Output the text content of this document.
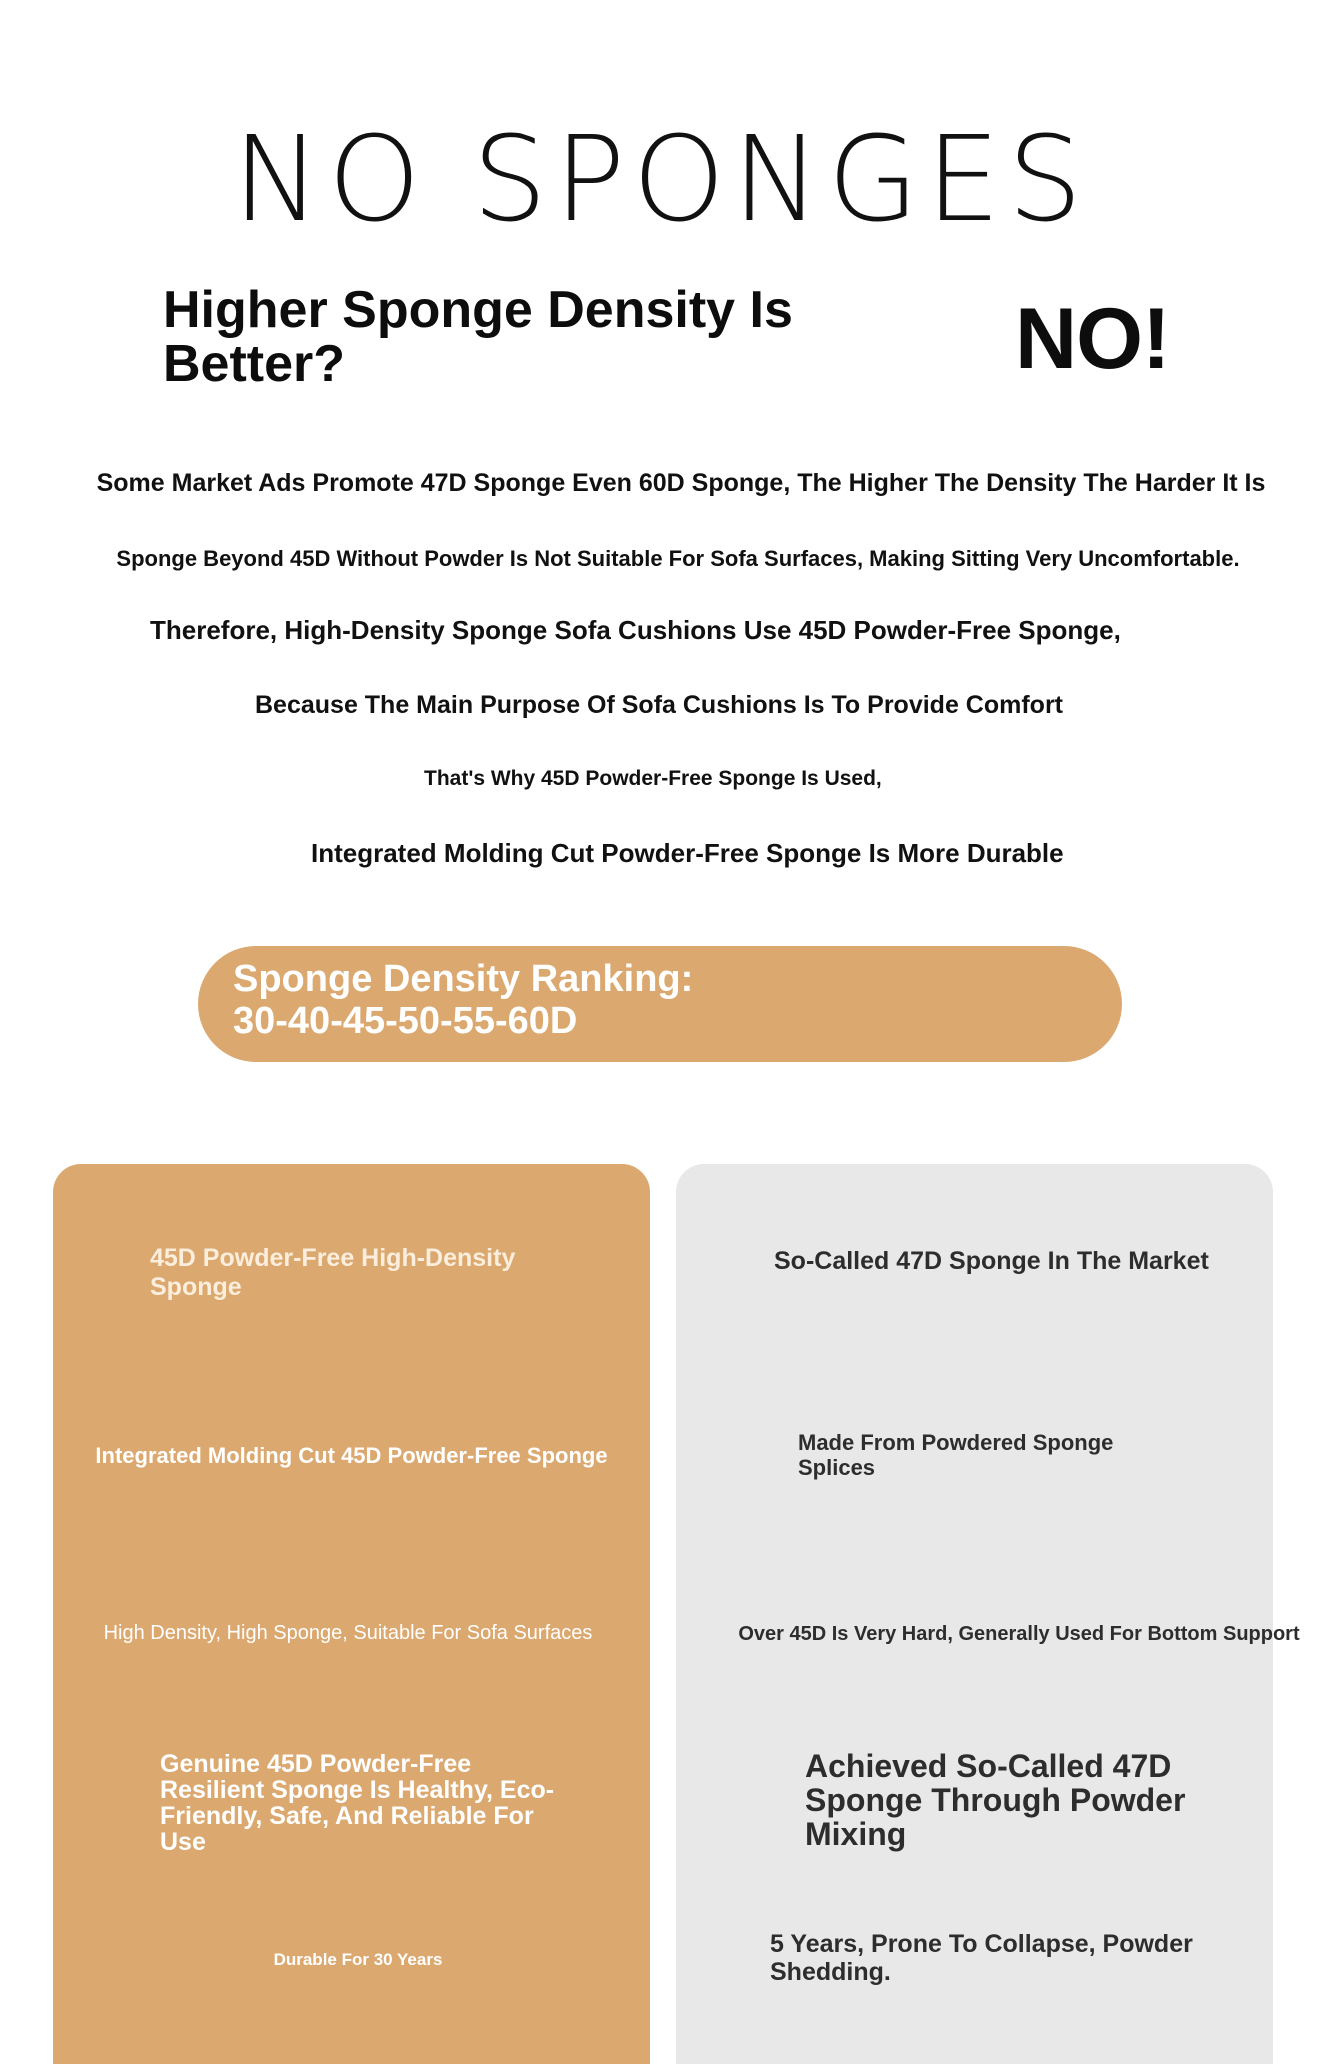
NO SPONGES
Higher Sponge Density Is Better?	NO!
Some Market Ads Promote 47D Sponge Even 60D Sponge, The Higher The Density The Harder It Is
Sponge Beyond 45D Without Powder Is Not Suitable For Sofa Surfaces, Making Sitting Very Uncomfortable.
Therefore, High-Density Sponge Sofa Cushions Use 45D Powder-Free Sponge,
Because The Main Purpose Of Sofa Cushions Is To Provide Comfort
That's Why 45D Powder-Free Sponge Is Used,
Integrated Molding Cut Powder-Free Sponge Is More Durable
Sponge Density Ranking:
30-40-45-50-55-60D
45D Powder-Free High-Density Sponge
Integrated Molding Cut 45D Powder-Free Sponge
High Density, High Sponge, Suitable For Sofa Surfaces
Genuine 45D Powder-Free Resilient Sponge Is Healthy, Eco-Friendly, Safe, And Reliable For Use
Durable For 30 Years
So-Called 47D Sponge In The Market
Made From Powdered Sponge Splices
Over 45D Is Very Hard, Generally Used For Bottom Support
Achieved So-Called 47D Sponge Through Powder Mixing
5 Years, Prone To Collapse, Powder Shedding.
